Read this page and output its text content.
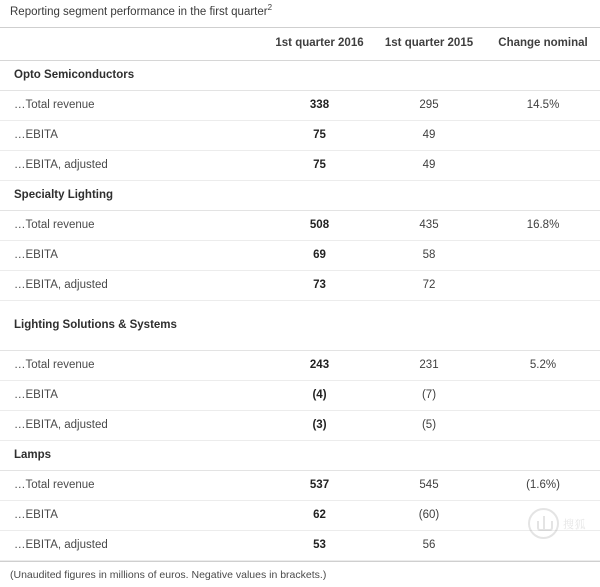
Reporting segment performance in the first quarter$^2$
	1st quarter 2016	1st quarter 2015	Change nominal
Opto Semiconductors			
…Total revenue	338	295	14.5%
…EBITA	75	49	
…EBITA, adjusted	75	49	
Specialty Lighting			
…Total revenue	508	435	16.8%
…EBITA	69	58	
…EBITA, adjusted	73	72	
Lighting Solutions & Systems			
…Total revenue	243	231	5.2%
…EBITA	(4)	(7)	
…EBITA, adjusted	(3)	(5)	
Lamps			
…Total revenue	537	545	(1.6%)
…EBITA	62	(60)	
…EBITA, adjusted	53	56	
(Unaudited figures in millions of euros. Negative values in brackets.)
搜狐
